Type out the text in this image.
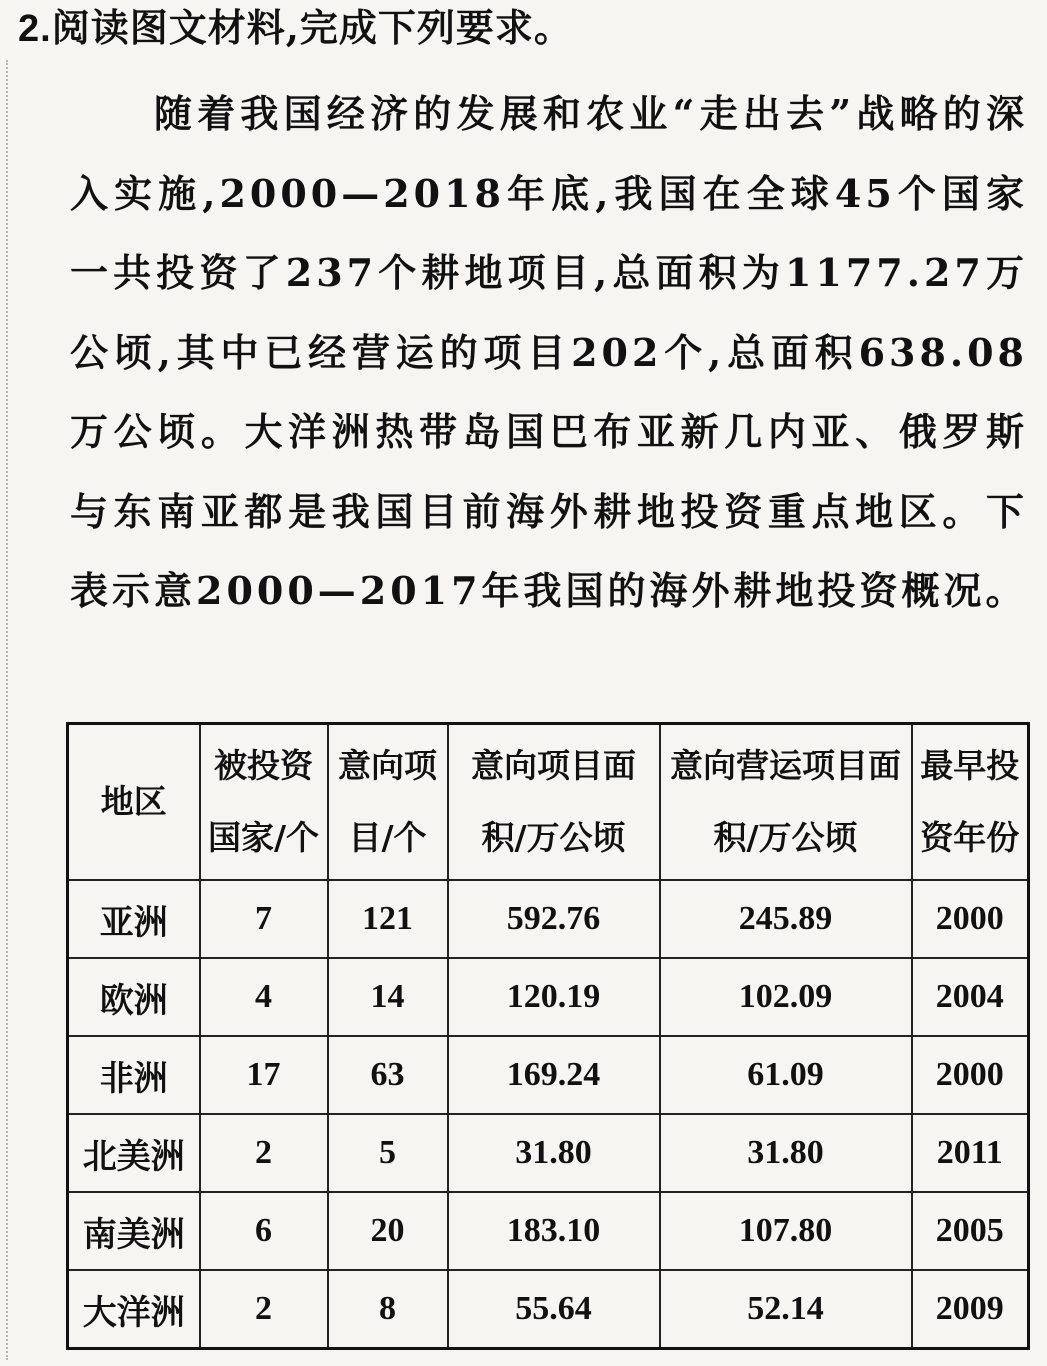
2.阅读图文材料,完成下列要求。
随着我国经济的发展和农业“走出去”战略的深入实施,2000—2018年底,我国在全球45个国家一共投资了237个耕地项目,总面积为1177.27万公顷,其中已经营运的项目202个,总面积638.08万公顷。大洋洲热带岛国巴布亚新几内亚、俄罗斯与东南亚都是我国目前海外耕地投资重点地区。下表示意2000—2017年我国的海外耕地投资概况。
地区	被投资国家/个	意向项目/个	意向项目面积/万公顷	意向营运项目面积/万公顷	最早投资年份

亚洲	7	121	592.76	245.89	2000
欧洲	4	14	120.19	102.09	2004
非洲	17	63	169.24	61.09	2000
北美洲	2	5	31.80	31.80	2011
南美洲	6	20	183.10	107.80	2005
大洋洲	2	8	55.64	52.14	2009
